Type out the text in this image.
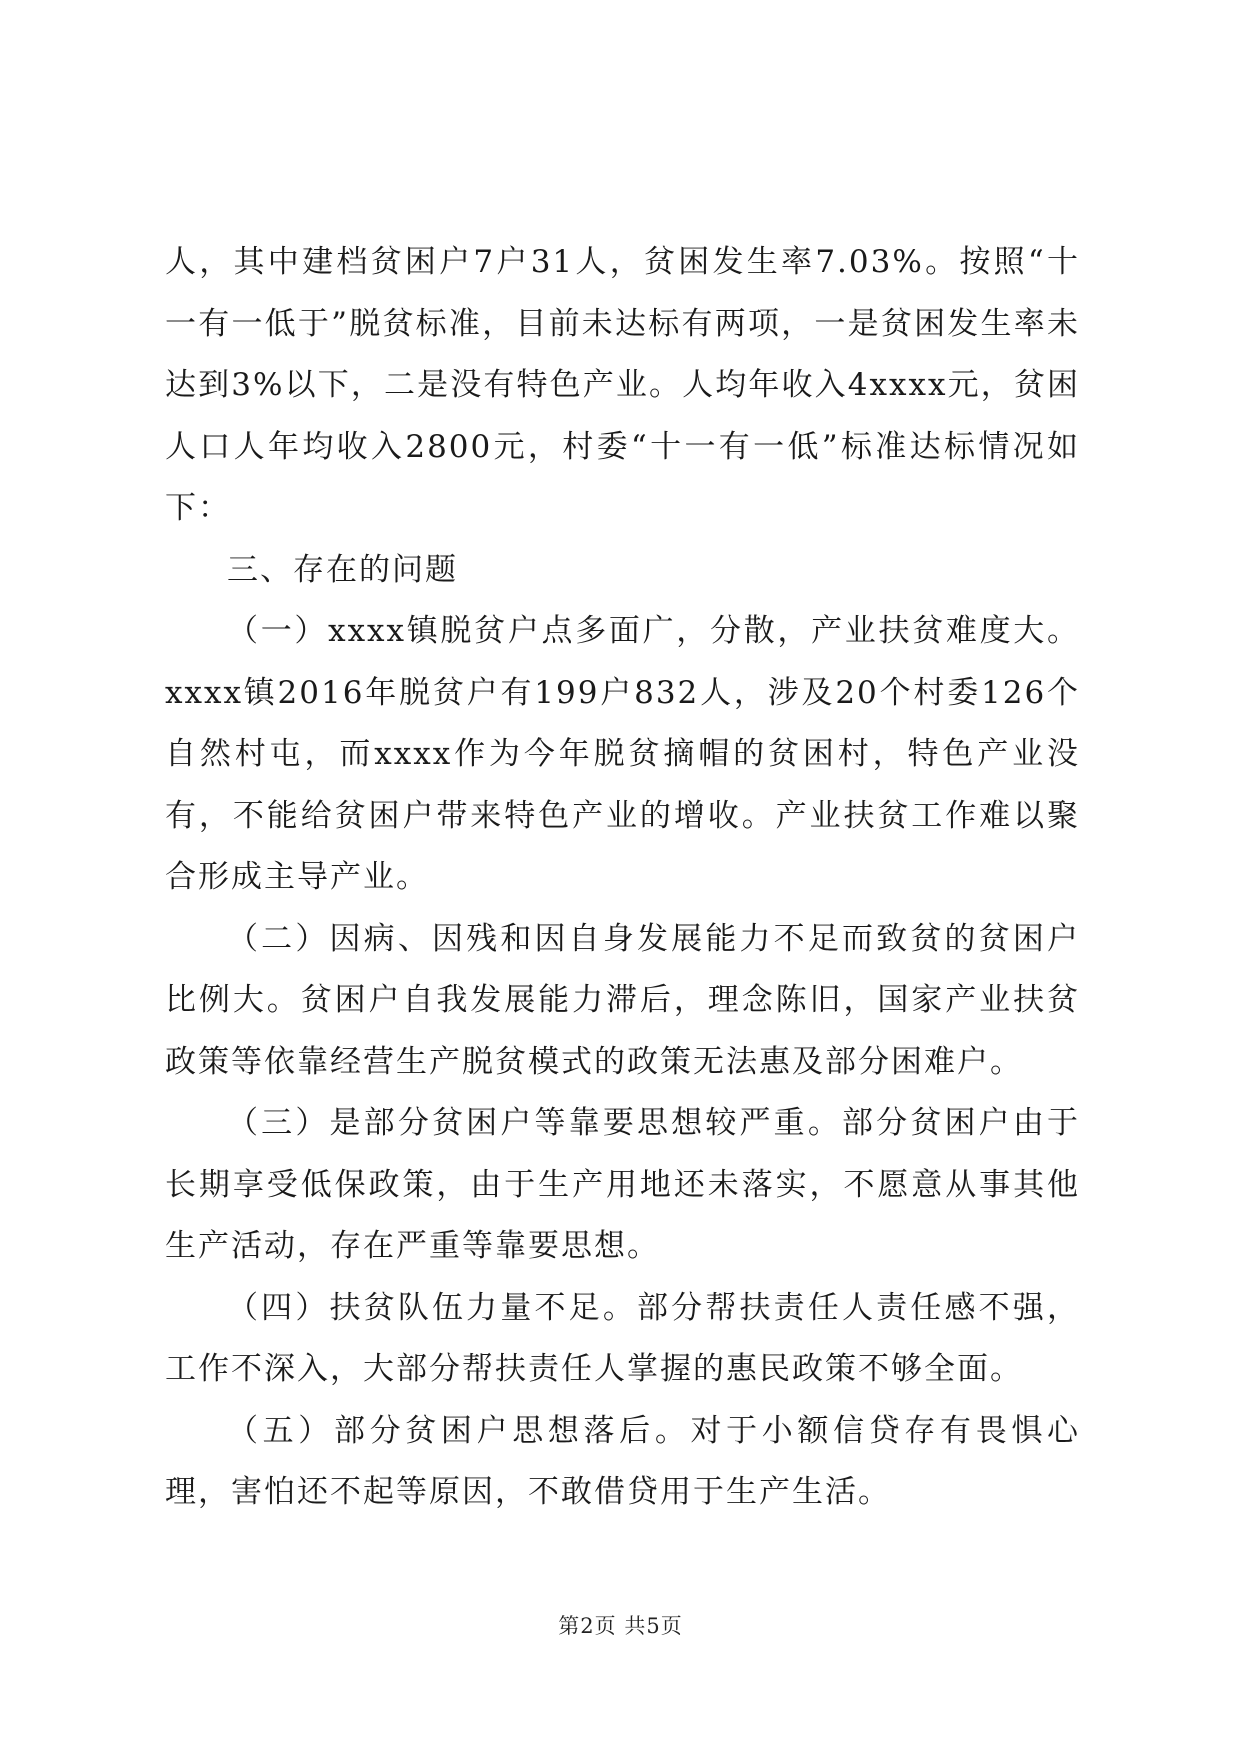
人，其中建档贫困户7户31人，贫困发生率7.03%。按照“十一有一低于”脱贫标准，目前未达标有两项，一是贫困发生率未达到3%以下，二是没有特色产业。人均年收入4xxxx元，贫困人口人年均收入2800元，村委“十一有一低”标准达标情况如下：

三、存在的问题

（一）xxxx镇脱贫户点多面广，分散，产业扶贫难度大。xxxx镇2016年脱贫户有199户832人，涉及20个村委126个自然村屯，而xxxx作为今年脱贫摘帽的贫困村，特色产业没有，不能给贫困户带来特色产业的增收。产业扶贫工作难以聚合形成主导产业。

（二）因病、因残和因自身发展能力不足而致贫的贫困户比例大。贫困户自我发展能力滞后，理念陈旧，国家产业扶贫政策等依靠经营生产脱贫模式的政策无法惠及部分困难户。

（三）是部分贫困户等靠要思想较严重。部分贫困户由于长期享受低保政策，由于生产用地还未落实，不愿意从事其他生产活动，存在严重等靠要思想。

（四）扶贫队伍力量不足。部分帮扶责任人责任感不强，工作不深入，大部分帮扶责任人掌握的惠民政策不够全面。

（五）部分贫困户思想落后。对于小额信贷存有畏惧心理，害怕还不起等原因，不敢借贷用于生产生活。

第2页 共5页
